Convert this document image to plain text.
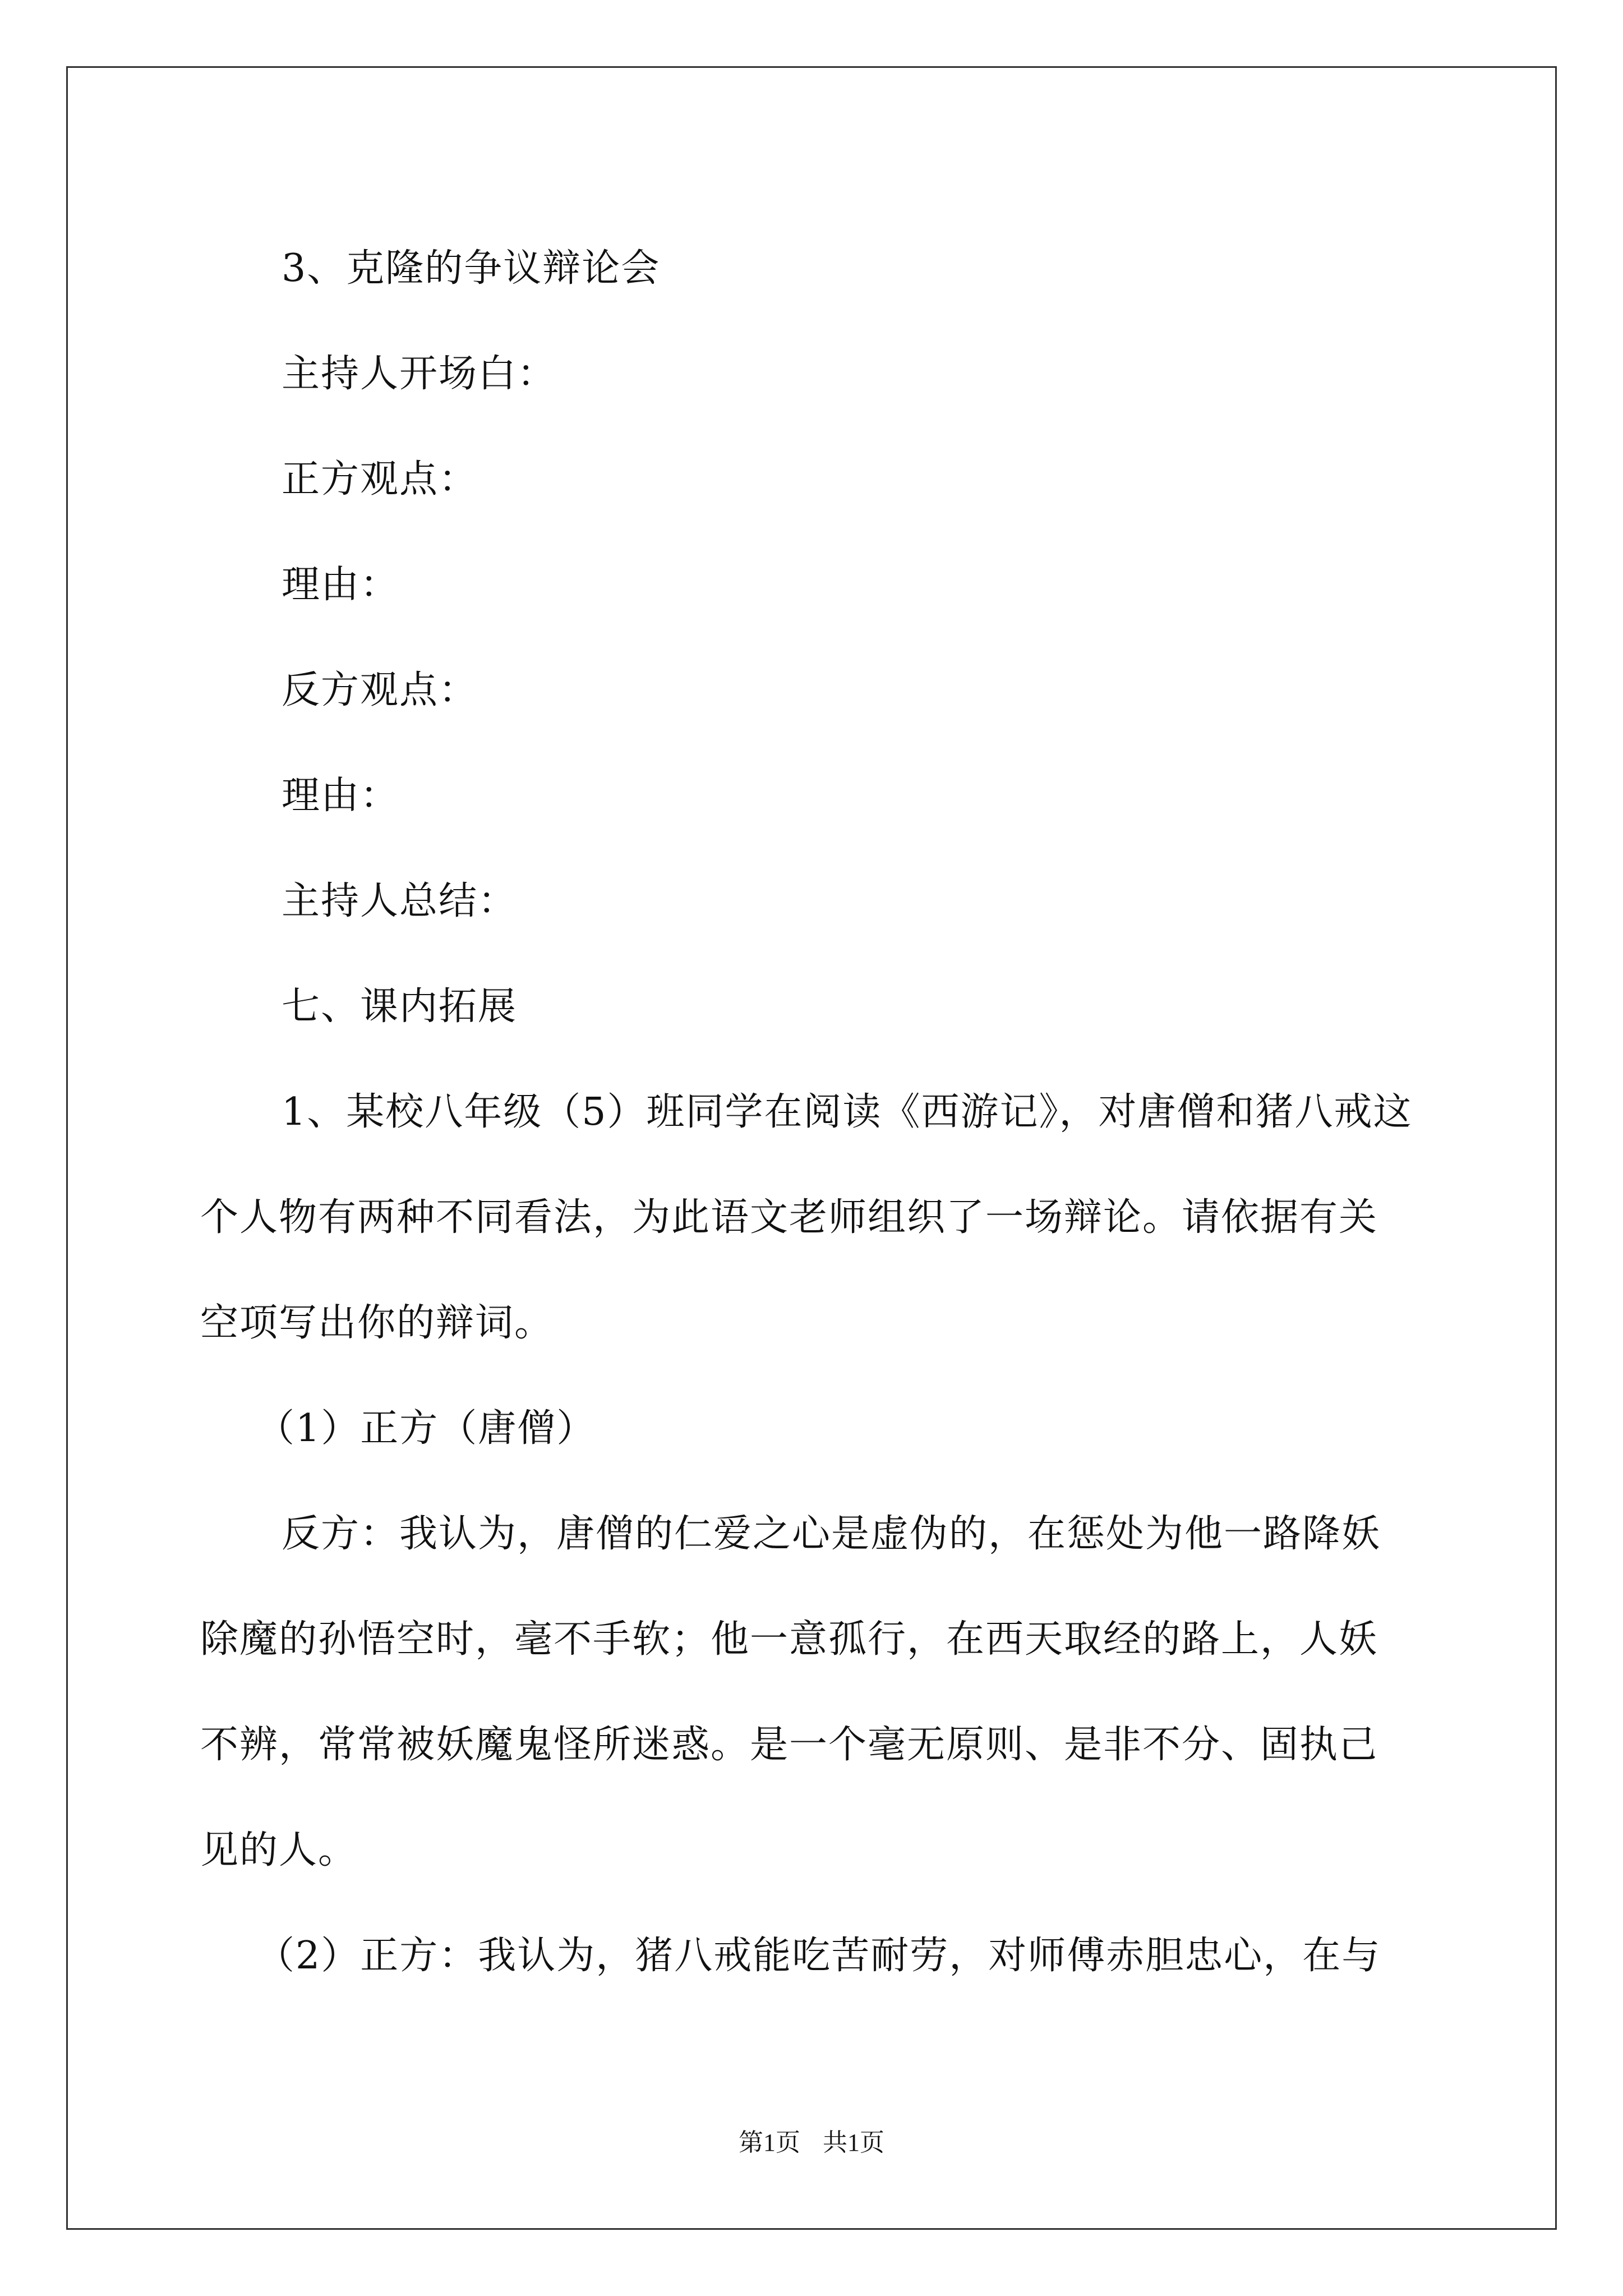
3、克隆的争议辩论会
主持人开场白：
正方观点：
理由：
反方观点：
理由：
主持人总结：
七、课内拓展
1、某校八年级（5）班同学在阅读《西游记》，对唐僧和猪八戒这
个人物有两种不同看法，为此语文老师组织了一场辩论。请依据有关
空项写出你的辩词。
（1）正方（唐僧）
反方：我认为，唐僧的仁爱之心是虚伪的，在惩处为他一路降妖
除魔的孙悟空时，毫不手软；他一意孤行，在西天取经的路上，人妖
不辨，常常被妖魔鬼怪所迷惑。是一个毫无原则、是非不分、固执己
见的人。
（2）正方：我认为，猪八戒能吃苦耐劳，对师傅赤胆忠心，在与
第1页 共1页
